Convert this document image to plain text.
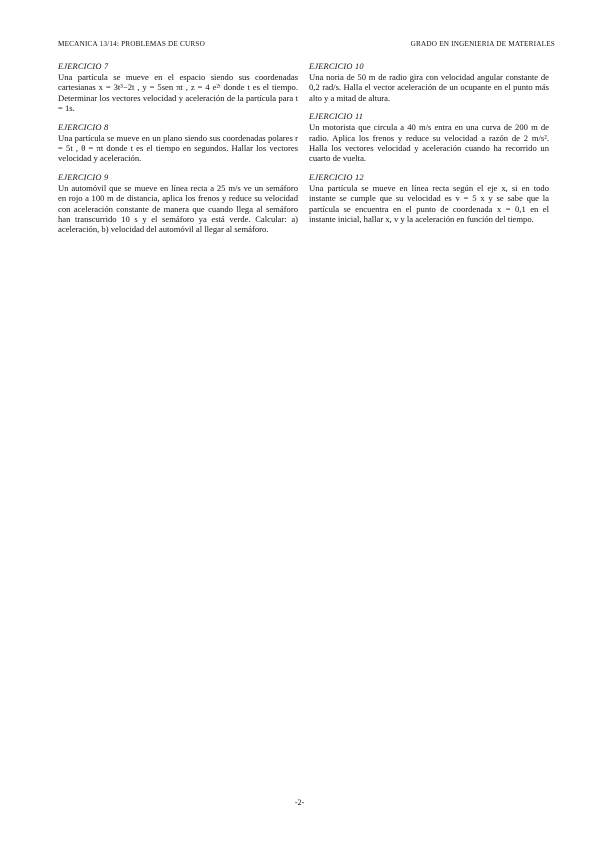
MECANICA 13/14: PROBLEMAS DE CURSO	GRADO EN INGENIERIA DE MATERIALES
EJERCICIO 7
Una partícula se mueve en el espacio siendo sus coordenadas cartesianas x = 3t³−2t , y = 5sen πt , z = 4 e²ᵗ donde t es el tiempo. Determinar los vectores velocidad y aceleración de la partícula para t = 1s.
EJERCICIO 8
Una partícula se mueve en un plano siendo sus coordenadas polares r = 5t , θ = πt donde t es el tiempo en segundos. Hallar los vectores velocidad y aceleración.
EJERCICIO 9
Un automóvil que se mueve en línea recta a 25 m/s ve un semáforo en rojo a 100 m de distancia, aplica los frenos y reduce su velocidad con aceleración constante de manera que cuando llega al semáforo han transcurrido 10 s y el semáforo ya está verde. Calcular: a) aceleración, b) velocidad del automóvil al llegar al semáforo.
EJERCICIO 10
Una noria de 50 m de radio gira con velocidad angular constante de 0,2 rad/s. Halla el vector aceleración de un ocupante en el punto más alto y a mitad de altura.
EJERCICIO 11
Un motorista que circula a 40 m/s entra en una curva de 200 m de radio. Aplica los frenos y reduce su velocidad a razón de 2 m/s². Halla los vectores velocidad y aceleración cuando ha recorrido un cuarto de vuelta.
EJERCICIO 12
Una partícula se mueve en línea recta según el eje x, si en todo instante se cumple que su velocidad es v = 5 x y se sabe que la partícula se encuentra en el punto de coordenada x = 0,1 en el instante inicial, hallar x, v y la aceleración en función del tiempo.
-2-
